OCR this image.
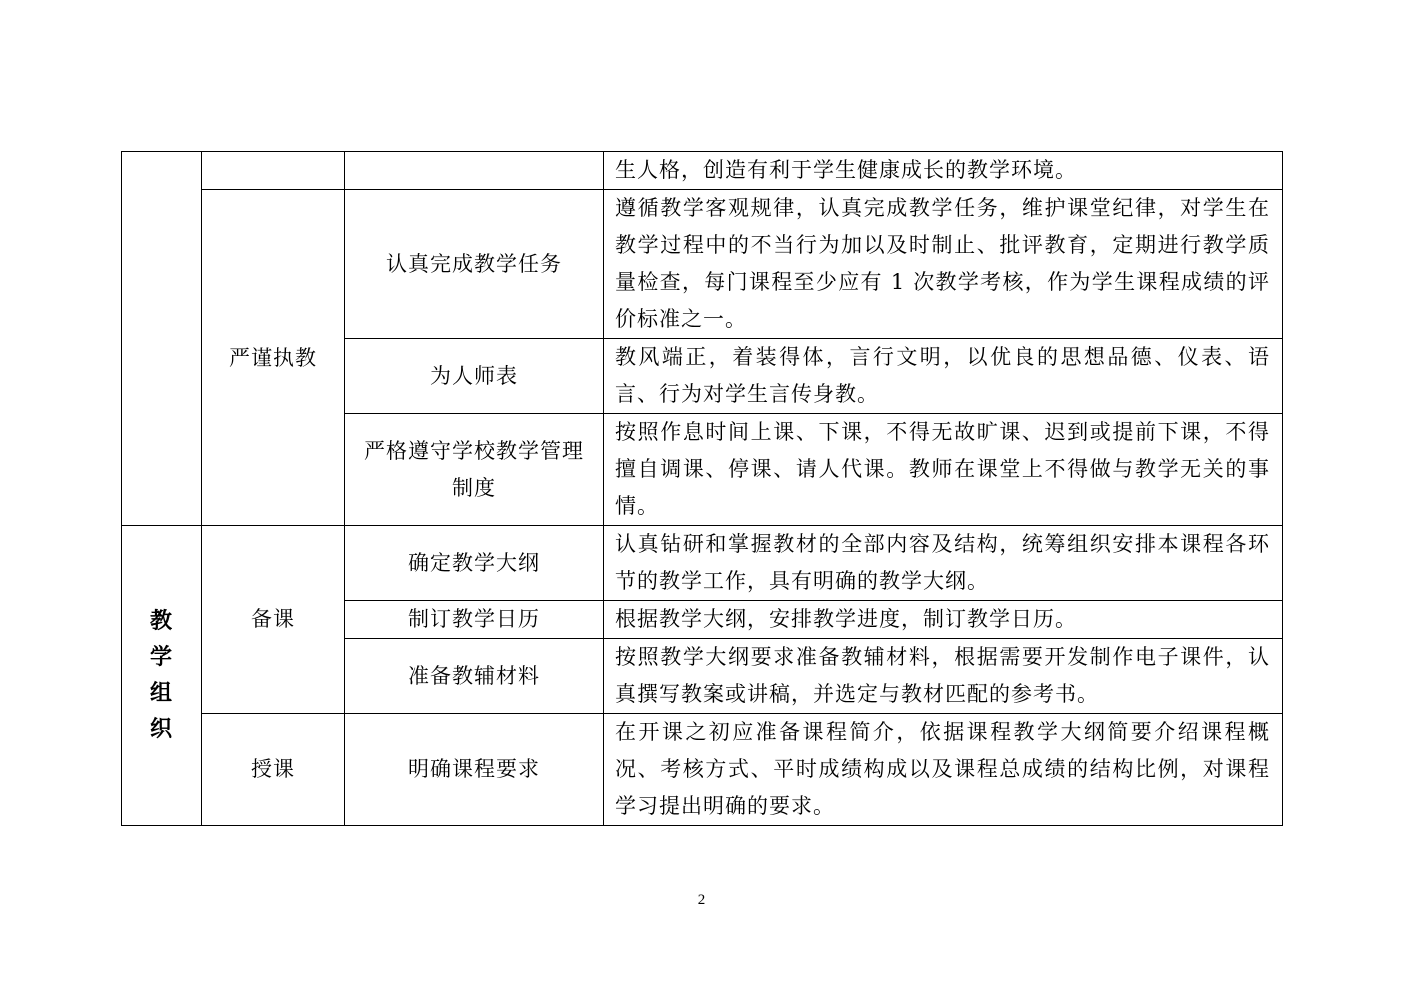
			生人格，创造有利于学生健康成长的教学环境。
	严谨执教	认真完成教学任务	遵循教学客观规律，认真完成教学任务，维护课堂纪律，对学生在教学过程中的不当行为加以及时制止、批评教育，定期进行教学质量检查，每门课程至少应有 1 次教学考核，作为学生课程成绩的评价标准之一。
		为人师表	教风端正，着装得体，言行文明，以优良的思想品德、仪表、语言、行为对学生言传身教。
		严格遵守学校教学管理制度	按照作息时间上课、下课，不得无故旷课、迟到或提前下课，不得擅自调课、停课、请人代课。教师在课堂上不得做与教学无关的事情。
教学组织	备课	确定教学大纲	认真钻研和掌握教材的全部内容及结构，统筹组织安排本课程各环节的教学工作，具有明确的教学大纲。
		制订教学日历	根据教学大纲，安排教学进度，制订教学日历。
		准备教辅材料	按照教学大纲要求准备教辅材料，根据需要开发制作电子课件，认真撰写教案或讲稿，并选定与教材匹配的参考书。
	授课	明确课程要求	在开课之初应准备课程简介，依据课程教学大纲简要介绍课程概况、考核方式、平时成绩构成以及课程总成绩的结构比例，对课程学习提出明确的要求。
2
